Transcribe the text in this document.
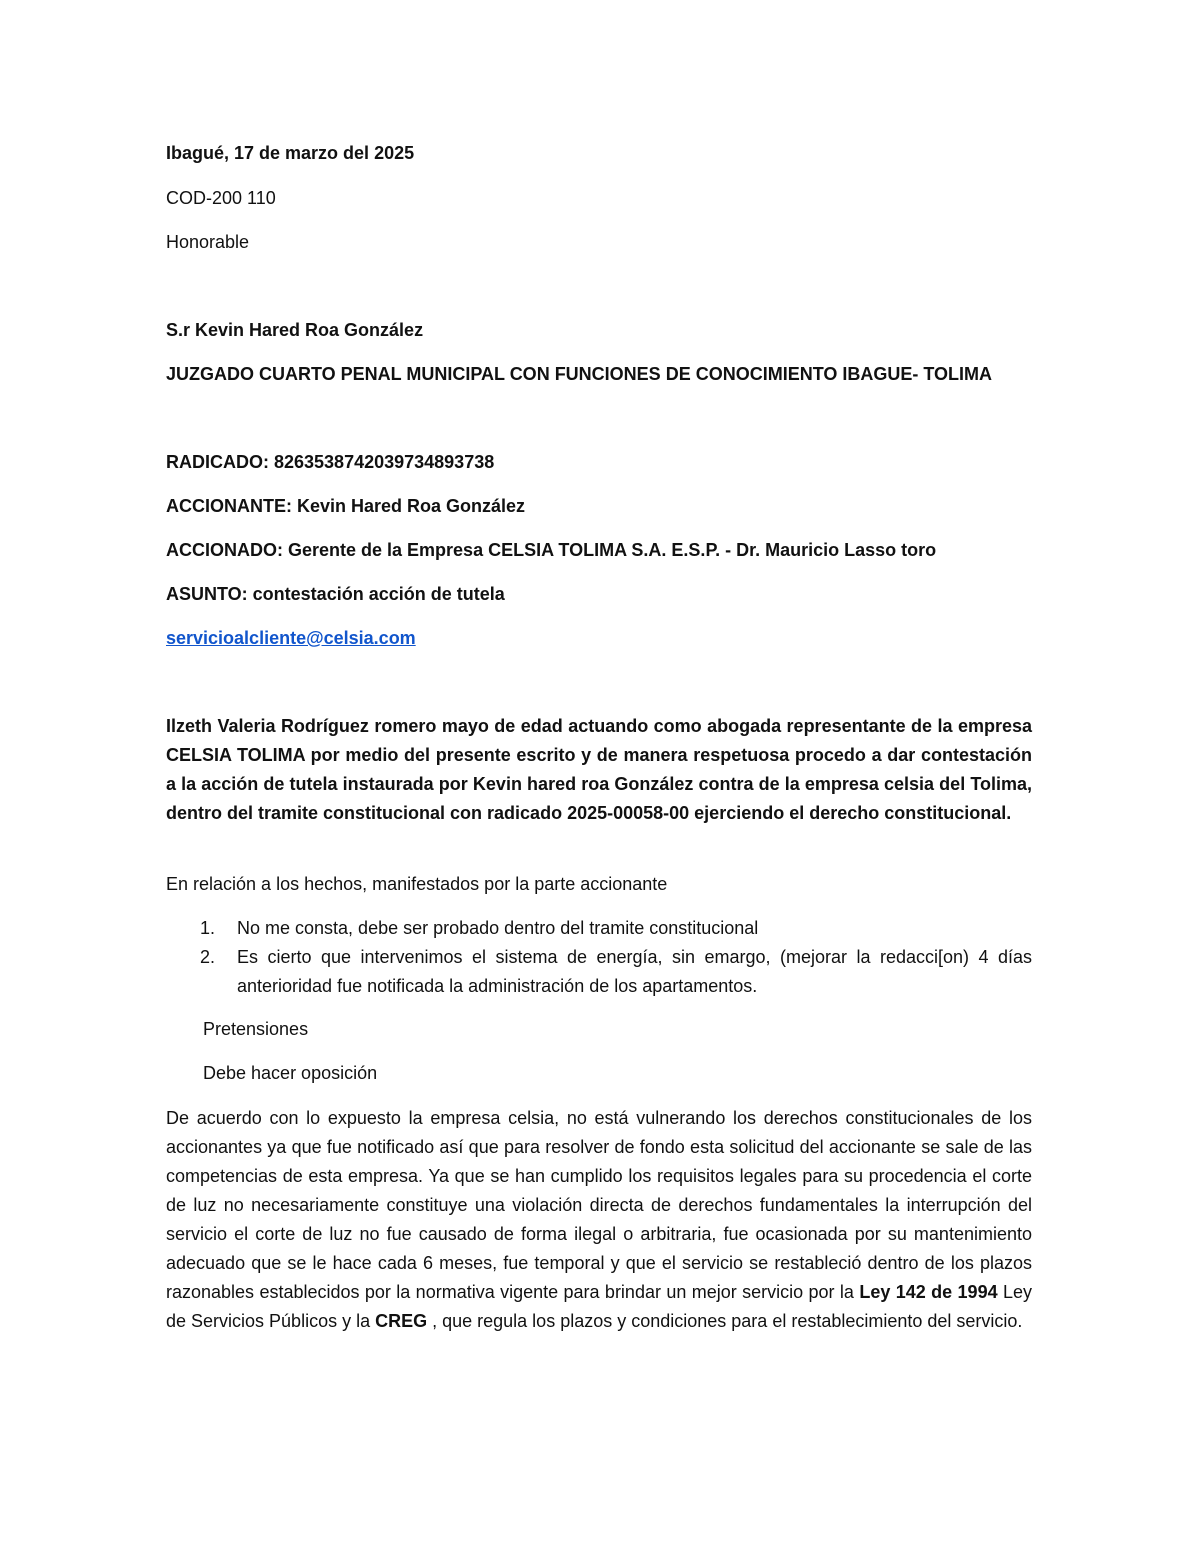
Ibagué, 17 de marzo del 2025
COD-200 110
Honorable
S.r Kevin Hared Roa González
JUZGADO CUARTO PENAL MUNICIPAL CON FUNCIONES DE CONOCIMIENTO IBAGUE- TOLIMA
RADICADO: 8263538742039734893738
ACCIONANTE: Kevin Hared Roa González
ACCIONADO: Gerente de la Empresa CELSIA TOLIMA S.A. E.S.P. - Dr. Mauricio Lasso toro
ASUNTO: contestación acción de tutela
servicioalcliente@celsia.com
Ilzeth Valeria Rodríguez romero mayo de edad actuando como abogada representante de la empresa CELSIA TOLIMA por medio del presente escrito y de manera respetuosa procedo a dar contestación a la acción de tutela instaurada por Kevin hared roa González contra de la empresa celsia del Tolima, dentro del tramite constitucional con radicado 2025-00058-00 ejerciendo el derecho constitucional.
En relación a los hechos, manifestados por la parte accionante
1. No me consta, debe ser probado dentro del tramite constitucional
2. Es cierto que intervenimos el sistema de energía, sin emargo, (mejorar la redacci[on) 4 días anterioridad fue notificada la administración de los apartamentos.
Pretensiones
Debe hacer oposición
De acuerdo con lo expuesto la empresa celsia, no está vulnerando los derechos constitucionales de los accionantes ya que fue notificado así que para resolver de fondo esta solicitud del accionante se sale de las competencias de esta empresa. Ya que se han cumplido los requisitos legales para su procedencia el corte de luz no necesariamente constituye una violación directa de derechos fundamentales la interrupción del servicio el corte de luz no fue causado de forma ilegal o arbitraria, fue ocasionada por su mantenimiento adecuado que se le hace cada 6 meses, fue temporal y que el servicio se restableció dentro de los plazos razonables establecidos por la normativa vigente para brindar un mejor servicio por la Ley 142 de 1994 Ley de Servicios Públicos y la CREG , que regula los plazos y condiciones para el restablecimiento del servicio.
